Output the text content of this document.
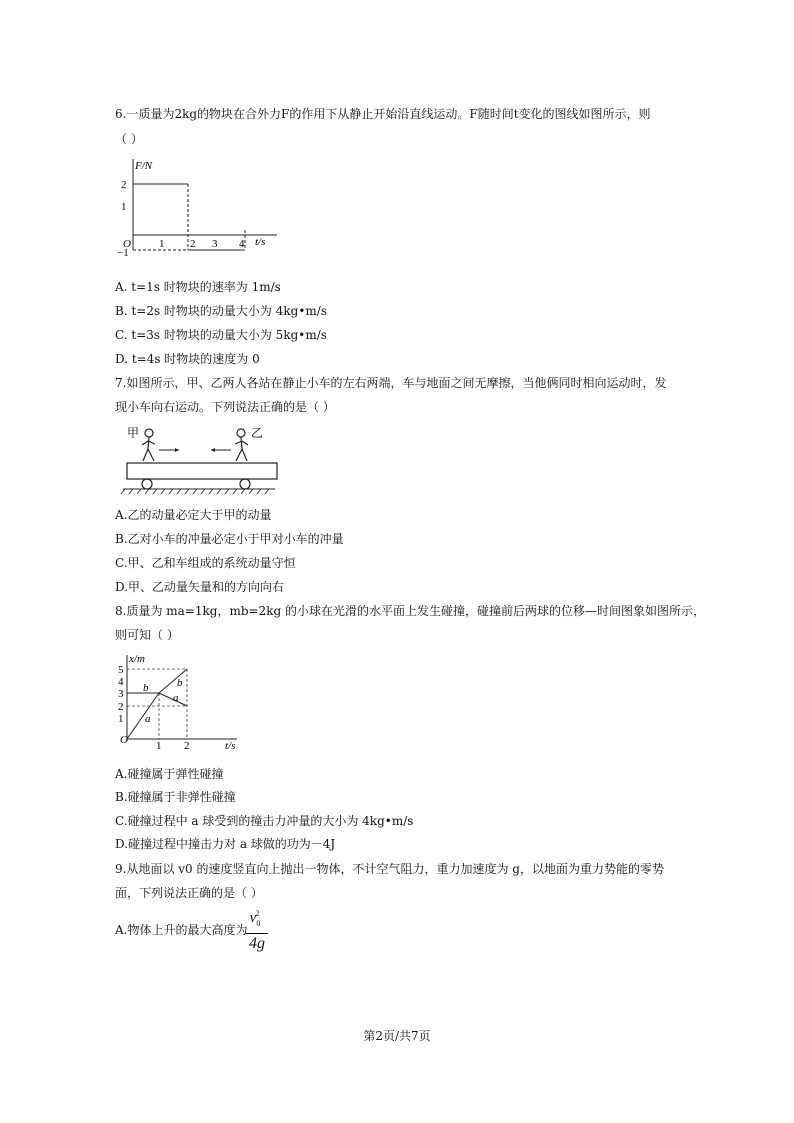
6.一质量为2kg的物块在合外力F的作用下从静止开始沿直线运动。F随时间t变化的图线如图所示，则
（ ）
F/N
t/s
2
1
−1
O	1 2 3 4
A. t=1s 时物块的速率为 1m/s
B. t=2s 时物块的动量大小为 4kg•m/s
C. t=3s 时物块的动量大小为 5kg•m/s
D. t=4s 时物块的速度为 0
7.如图所示，甲、乙两人各站在静止小车的左右两端，车与地面之间无摩擦，当他俩同时相向运动时，发
现小车向右运动。下列说法正确的是（ ）
甲	乙
A.乙的动量必定大于甲的动量
B.乙对小车的冲量必定小于甲对小车的冲量
C.甲、乙和车组成的系统动量守恒
D.甲、乙动量矢量和的方向向右
8.质量为 ma=1kg，mb=2kg 的小球在光滑的水平面上发生碰撞，碰撞前后两球的位移—时间图象如图所示，
则可知（ ）
x/m
t/s
5
4
3
2
1
O	1 2
b	b
a
a
A.碰撞属于弹性碰撞
B.碰撞属于非弹性碰撞
C.碰撞过程中 a 球受到的撞击力冲量的大小为 4kg•m/s
D.碰撞过程中撞击力对 a 球做的功为－4J
9.从地面以 v0 的速度竖直向上抛出一物体，不计空气阻力，重力加速度为 g，以地面为重力势能的零势
面，下列说法正确的是（ ）
A.物体上升的最大高度为
$\frac{v_0^2}{4g}$
第2页/共7页
